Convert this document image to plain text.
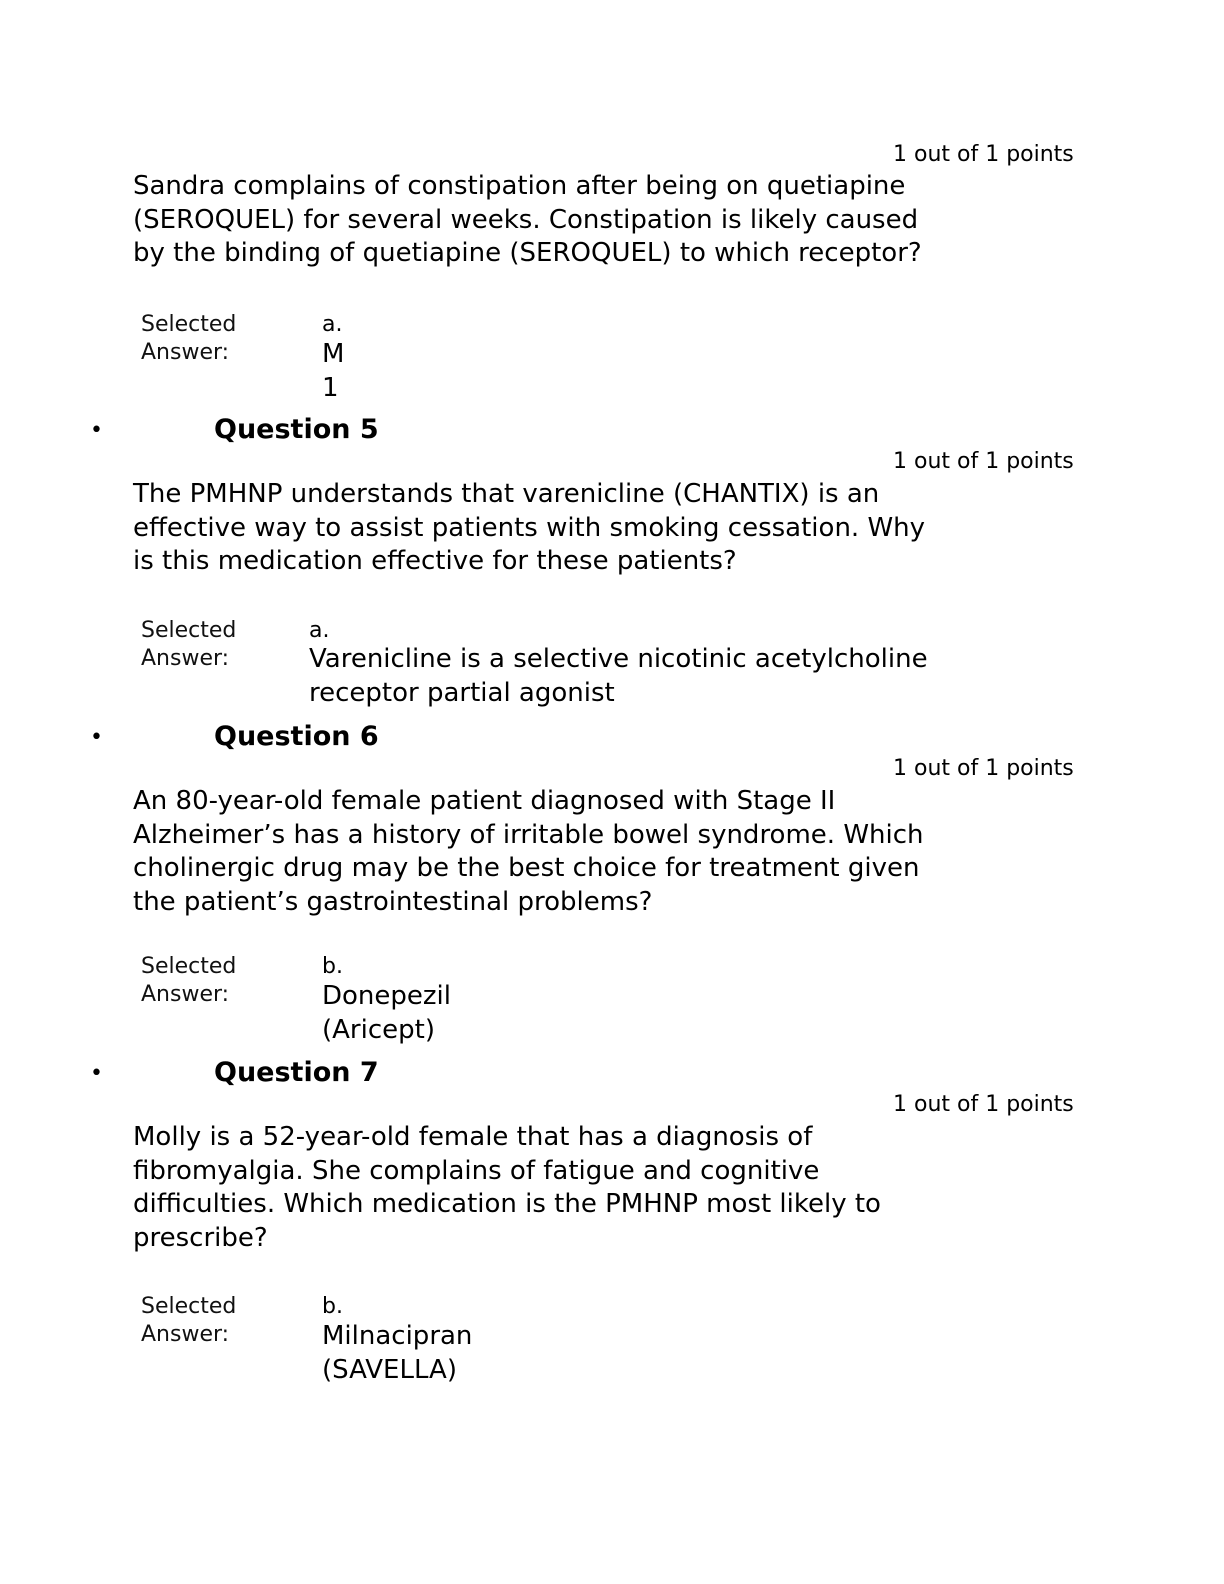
1 out of 1 points
Sandra complains of constipation after being on quetiapine
(SEROQUEL) for several weeks. Constipation is likely caused
by the binding of quetiapine (SEROQUEL) to which receptor?
Selected
Answer:
a.
M
1
•	Question 5
1 out of 1 points
The PMHNP understands that varenicline (CHANTIX) is an
effective way to assist patients with smoking cessation. Why
is this medication effective for these patients?
Selected
Answer:
a.
Varenicline is a selective nicotinic acetylcholine
receptor partial agonist
•	Question 6
1 out of 1 points
An 80-year-old female patient diagnosed with Stage II
Alzheimer’s has a history of irritable bowel syndrome. Which
cholinergic drug may be the best choice for treatment given
the patient’s gastrointestinal problems?
Selected
Answer:
b.
Donepezil
(Aricept)
•	Question 7
1 out of 1 points
Molly is a 52-year-old female that has a diagnosis of
fibromyalgia. She complains of fatigue and cognitive
difficulties. Which medication is the PMHNP most likely to
prescribe?
Selected
Answer:
b.
Milnacipran
(SAVELLA)
